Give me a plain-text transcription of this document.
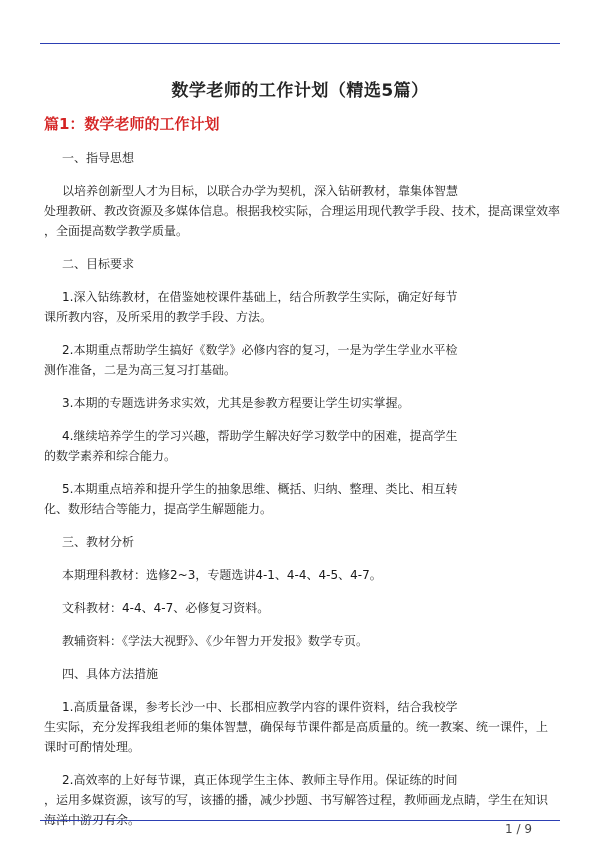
数学老师的工作计划（精选5篇）
篇1：数学老师的工作计划
一、指导思想
以培养创新型人才为目标，以联合办学为契机，深入钻研教材，靠集体智慧
处理教研、教改资源及多媒体信息。根据我校实际，合理运用现代教学手段、技术，提高课堂效率
，全面提高数学教学质量。
二、目标要求
1.深入钻练教材，在借鉴她校课件基础上，结合所教学生实际，确定好每节
课所教内容，及所采用的教学手段、方法。
2.本期重点帮助学生搞好《数学》必修内容的复习，一是为学生学业水平检
测作准备，二是为高三复习打基础。
3.本期的专题选讲务求实效，尤其是参教方程要让学生切实掌握。
4.继续培养学生的学习兴趣，帮助学生解决好学习数学中的困难，提高学生
的数学素养和综合能力。
5.本期重点培养和提升学生的抽象思维、概括、归纳、整理、类比、相互转
化、数形结合等能力，提高学生解题能力。
三、教材分析
本期理科教材：选修2~3，专题选讲4-1、4-4、4-5、4-7。
文科教材：4-4、4-7、必修复习资料。
教辅资料：《学法大视野》、《少年智力开发报》数学专页。
四、具体方法措施
1.高质量备课，参考长沙一中、长郡相应教学内容的课件资料，结合我校学
生实际，充分发挥我组老师的集体智慧，确保每节课件都是高质量的。统一教案、统一课件，上
课时可酌情处理。
2.高效率的上好每节课，真正体现学生主体、教师主导作用。保证练的时间
，运用多媒资源，该写的写，该播的播，减少抄题、书写解答过程，教师画龙点睛，学生在知识
海洋中游刃有余。
1 / 9
